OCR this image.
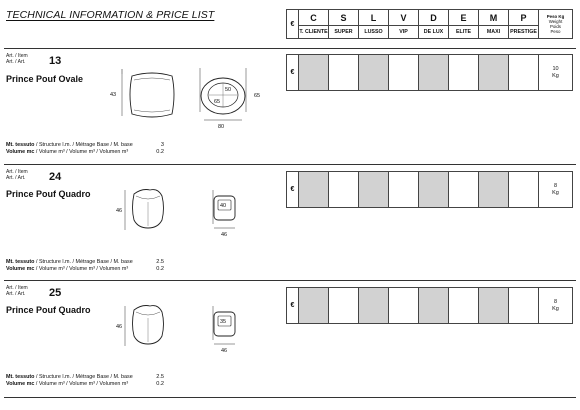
TECHNICAL INFORMATION & PRICE LIST
€	C	S	L	V	D	E	M	P	Peso Kg
Weight
Poids
Peso
	T. CLIENTE	SUPER	LUSSO	VIP	DE LUX	ELITE	MAXI	PRESTIGE	
Art. / Item
Art. / Art. 13
Prince Pouf Ovale
43
50
65
65
80
Mt. tessuto / Structure l.m. / Métrage Base / M. base	3
Volume mc / Volume m³ / Volume m³ / Volumen m³	0.2
€									10
Kg
Art. / Item
Art. / Art. 24
Prince Pouf Quadro
46
40
46
Mt. tessuto / Structure l.m. / Métrage Base / M. base	2.5
Volume mc / Volume m³ / Volume m³ / Volumen m³	0.2
€									8
Kg
Art. / Item
Art. / Art. 25
Prince Pouf Quadro
46
35
46
Mt. tessuto / Structure l.m. / Métrage Base / M. base	2.5
Volume mc / Volume m³ / Volume m³ / Volumen m³	0.2
€									8
Kg
